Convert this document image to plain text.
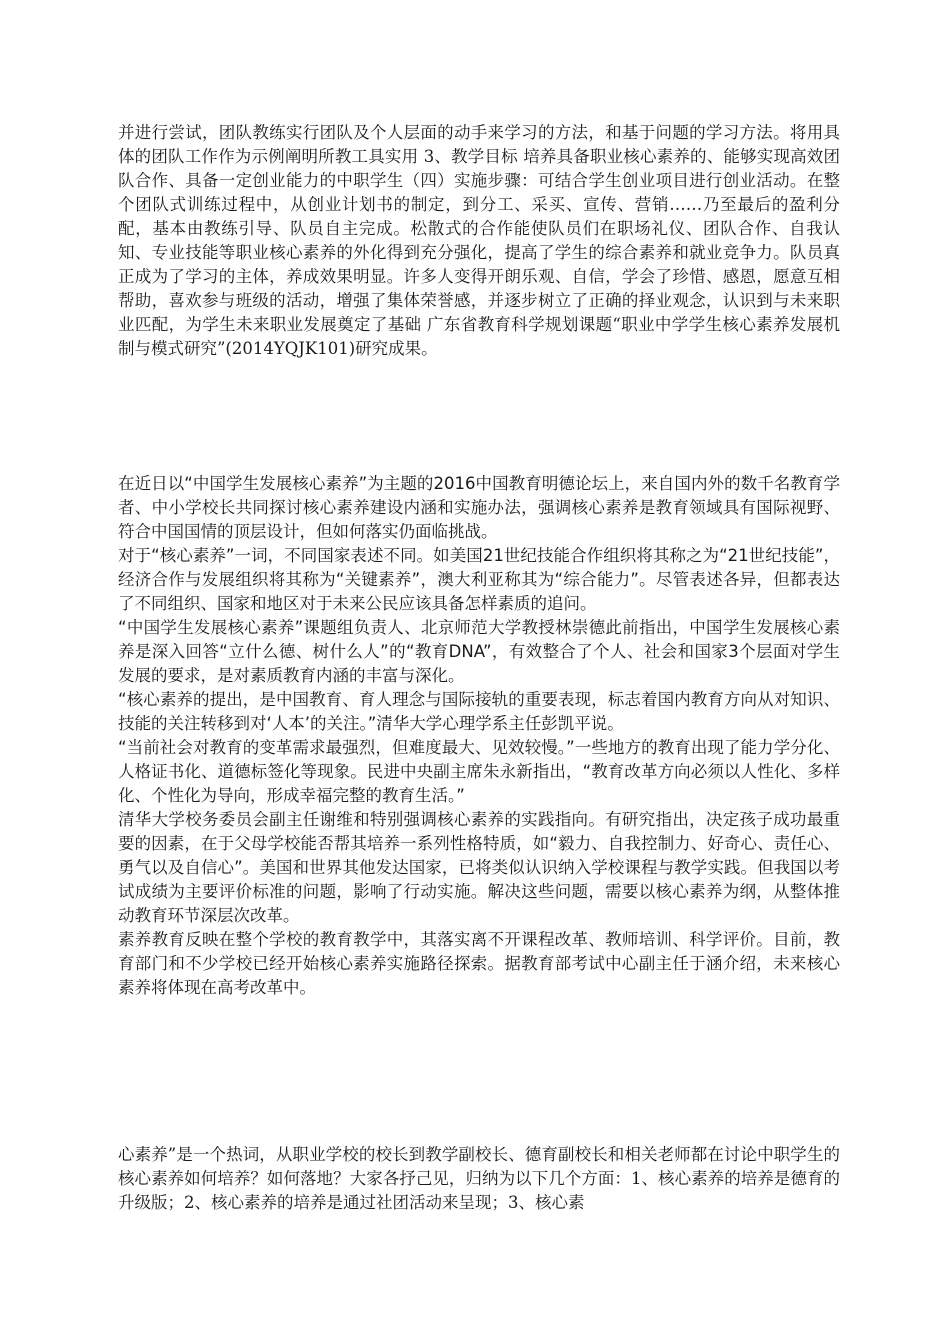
并进行尝试，团队教练实行团队及个人层面的动手来学习的方法，和基于问题的学习方法。将用具体的团队工作作为示例阐明所教工具实用 3、教学目标 培养具备职业核心素养的、能够实现高效团队合作、具备一定创业能力的中职学生（四）实施步骤：可结合学生创业项目进行创业活动。在整个团队式训练过程中，从创业计划书的制定，到分工、采买、宣传、营销……乃至最后的盈利分配，基本由教练引导、队员自主完成。松散式的合作能使队员们在职场礼仪、团队合作、自我认知、专业技能等职业核心素养的外化得到充分强化，提高了学生的综合素养和就业竞争力。队员真正成为了学习的主体，养成效果明显。许多人变得开朗乐观、自信，学会了珍惜、感恩，愿意互相帮助，喜欢参与班级的活动，增强了集体荣誉感，并逐步树立了正确的择业观念，认识到与未来职业匹配，为学生未来职业发展奠定了基础 广东省教育科学规划课题“职业中学学生核心素养发展机制与模式研究”(2014YQJK101)研究成果。

在近日以“中国学生发展核心素养”为主题的2016中国教育明德论坛上，来自国内外的数千名教育学者、中小学校长共同探讨核心素养建设内涵和实施办法，强调核心素养是教育领域具有国际视野、符合中国国情的顶层设计，但如何落实仍面临挑战。

对于“核心素养”一词，不同国家表述不同。如美国21世纪技能合作组织将其称之为“21世纪技能”，经济合作与发展组织将其称为“关键素养”，澳大利亚称其为“综合能力”。尽管表述各异，但都表达了不同组织、国家和地区对于未来公民应该具备怎样素质的追问。

“中国学生发展核心素养”课题组负责人、北京师范大学教授林崇德此前指出，中国学生发展核心素养是深入回答“立什么德、树什么人”的“教育DNA”，有效整合了个人、社会和国家3个层面对学生发展的要求，是对素质教育内涵的丰富与深化。

“核心素养的提出，是中国教育、育人理念与国际接轨的重要表现，标志着国内教育方向从对知识、技能的关注转移到对‘人本’的关注。”清华大学心理学系主任彭凯平说。

“当前社会对教育的变革需求最强烈，但难度最大、见效较慢。”一些地方的教育出现了能力学分化、人格证书化、道德标签化等现象。民进中央副主席朱永新指出，“教育改革方向必须以人性化、多样化、个性化为导向，形成幸福完整的教育生活。”

清华大学校务委员会副主任谢维和特别强调核心素养的实践指向。有研究指出，决定孩子成功最重要的因素，在于父母学校能否帮其培养一系列性格特质，如“毅力、自我控制力、好奇心、责任心、勇气以及自信心”。美国和世界其他发达国家，已将类似认识纳入学校课程与教学实践。但我国以考试成绩为主要评价标准的问题，影响了行动实施。解决这些问题，需要以核心素养为纲，从整体推动教育环节深层次改革。

素养教育反映在整个学校的教育教学中，其落实离不开课程改革、教师培训、科学评价。目前，教育部门和不少学校已经开始核心素养实施路径探索。据教育部考试中心副主任于涵介绍，未来核心素养将体现在高考改革中。

心素养”是一个热词，从职业学校的校长到教学副校长、德育副校长和相关老师都在讨论中职学生的核心素养如何培养？如何落地？大家各抒己见，归纳为以下几个方面：1、核心素养的培养是德育的升级版；2、核心素养的培养是通过社团活动来呈现；3、核心素
